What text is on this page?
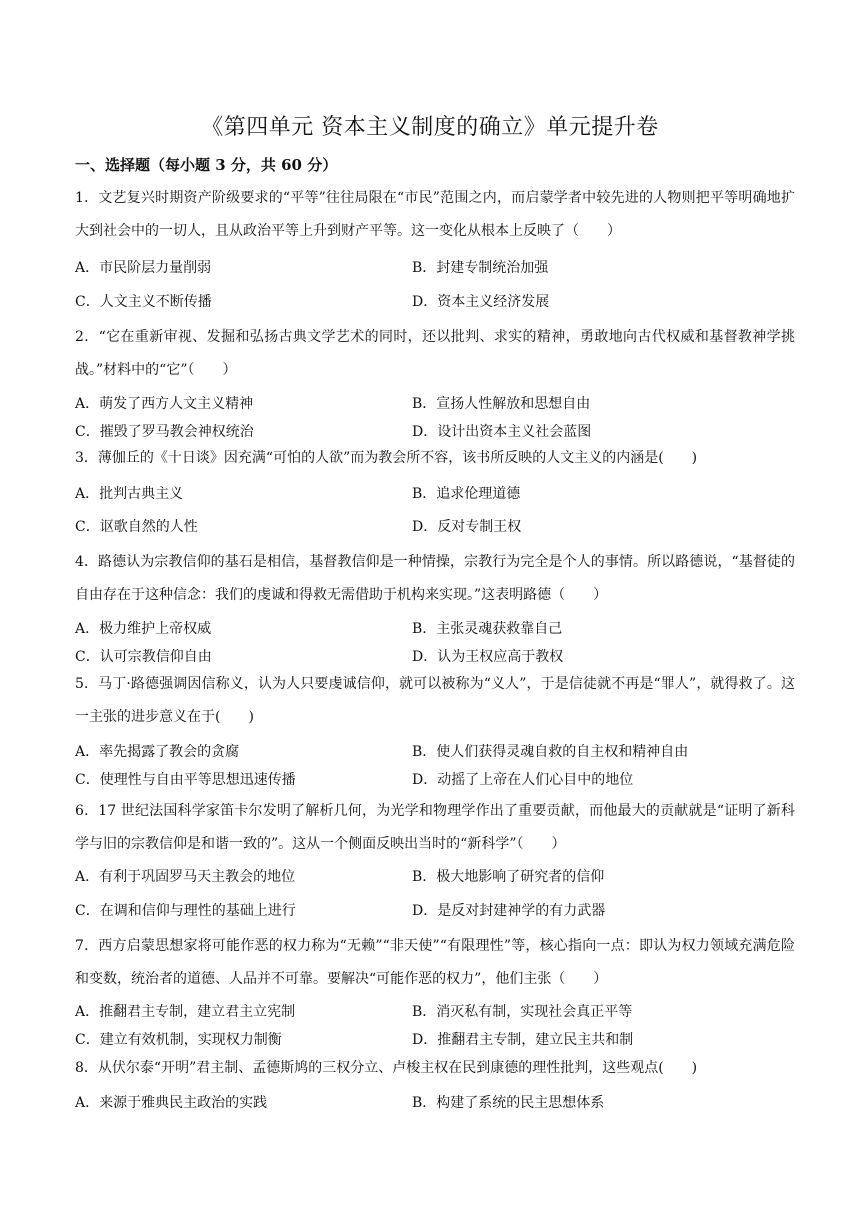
《第四单元 资本主义制度的确立》单元提升卷
一、选择题（每小题 3 分，共 60 分）
1．文艺复兴时期资产阶级要求的“平等”往往局限在“市民”范围之内，而启蒙学者中较先进的人物则把平等明确地扩大到社会中的一切人，且从政治平等上升到财产平等。这一变化从根本上反映了（　　）
A．市民阶层力量削弱	B．封建专制统治加强
C．人文主义不断传播	D．资本主义经济发展
2．“它在重新审视、发掘和弘扬古典文学艺术的同时，还以批判、求实的精神，勇敢地向古代权威和基督教神学挑战。”材料中的“它”（　　）
A．萌发了西方人文主义精神	B．宣扬人性解放和思想自由
C．摧毁了罗马教会神权统治	D．设计出资本主义社会蓝图
3．薄伽丘的《十日谈》因充满“可怕的人欲”而为教会所不容，该书所反映的人文主义的内涵是(　　)
A．批判古典主义	B．追求伦理道德
C．讴歌自然的人性	D．反对专制王权
4．路德认为宗教信仰的基石是相信，基督教信仰是一种情操，宗教行为完全是个人的事情。所以路德说，“基督徒的自由存在于这种信念：我们的虔诚和得救无需借助于机构来实现。”这表明路德（　　）
A．极力维护上帝权威	B．主张灵魂获救靠自己
C．认可宗教信仰自由	D．认为王权应高于教权
5．马丁·路德强调因信称义，认为人只要虔诚信仰，就可以被称为“义人”，于是信徒就不再是“罪人”，就得救了。这一主张的进步意义在于(　　)
A．率先揭露了教会的贪腐	B．使人们获得灵魂自救的自主权和精神自由
C．使理性与自由平等思想迅速传播	D．动摇了上帝在人们心目中的地位
6．17 世纪法国科学家笛卡尔发明了解析几何，为光学和物理学作出了重要贡献，而他最大的贡献就是“证明了新科学与旧的宗教信仰是和谐一致的”。这从一个侧面反映出当时的“新科学”（　　）
A．有利于巩固罗马天主教会的地位	B．极大地影响了研究者的信仰
C．在调和信仰与理性的基础上进行	D．是反对封建神学的有力武器
7．西方启蒙思想家将可能作恶的权力称为“无赖”“非天使”“有限理性”等，核心指向一点：即认为权力领域充满危险和变数，统治者的道德、人品并不可靠。要解决“可能作恶的权力”，他们主张（　　）
A．推翻君主专制，建立君主立宪制	B．消灭私有制，实现社会真正平等
C．建立有效机制，实现权力制衡	D．推翻君主专制，建立民主共和制
8．从伏尔泰“开明”君主制、孟德斯鸠的三权分立、卢梭主权在民到康德的理性批判，这些观点(　　)
A．来源于雅典民主政治的实践	B．构建了系统的民主思想体系
